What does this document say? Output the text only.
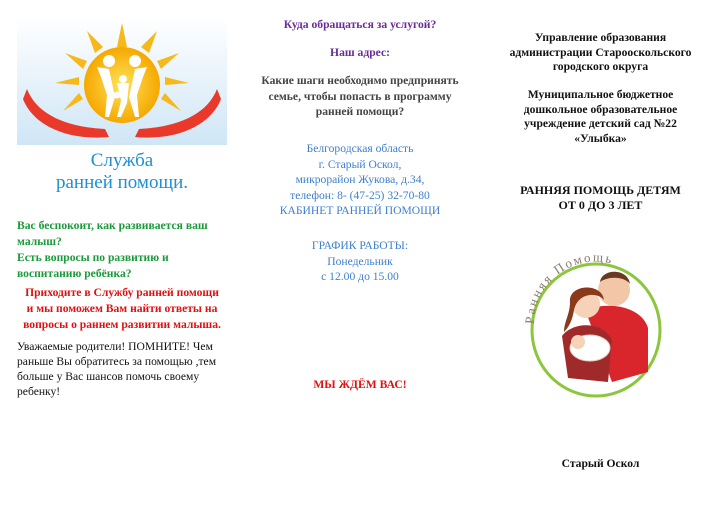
Служба
ранней помощи.
Вас беспокоит, как развивается ваш
малыш?
Есть вопросы по развитию и
воспитанию ребёнка?
Приходите в Службу ранней помощи
и мы поможем Вам найти ответы на
вопросы о раннем развитии малыша.
Уважаемые родители! ПОМНИТЕ! Чем
раньше Вы обратитесь за помощью ,тем
больше у Вас шансов помочь своему
ребенку!
Куда обращаться за услугой?
Наш адрес:
Какие шаги необходимо предпринять
семье, чтобы попасть в программу
ранней помощи?
Белгородская область
г. Старый Оскол,
микрорайон Жукова, д.34,
телефон: 8- (47-25) 32-70-80
КАБИНЕТ РАННЕЙ ПОМОЩИ
ГРАФИК РАБОТЫ:
Понедельник
с 12.00 до 15.00
МЫ ЖДЁМ ВАС!
Управление образования
администрации Старооскольского
городского округа
Муниципальное бюджетное
дошкольное образовательное
учреждение детский сад №22
«Улыбка»
РАННЯЯ ПОМОЩЬ ДЕТЯМ
ОТ 0 ДО 3 ЛЕТ
Старый Оскол
Ранняя Помощь
